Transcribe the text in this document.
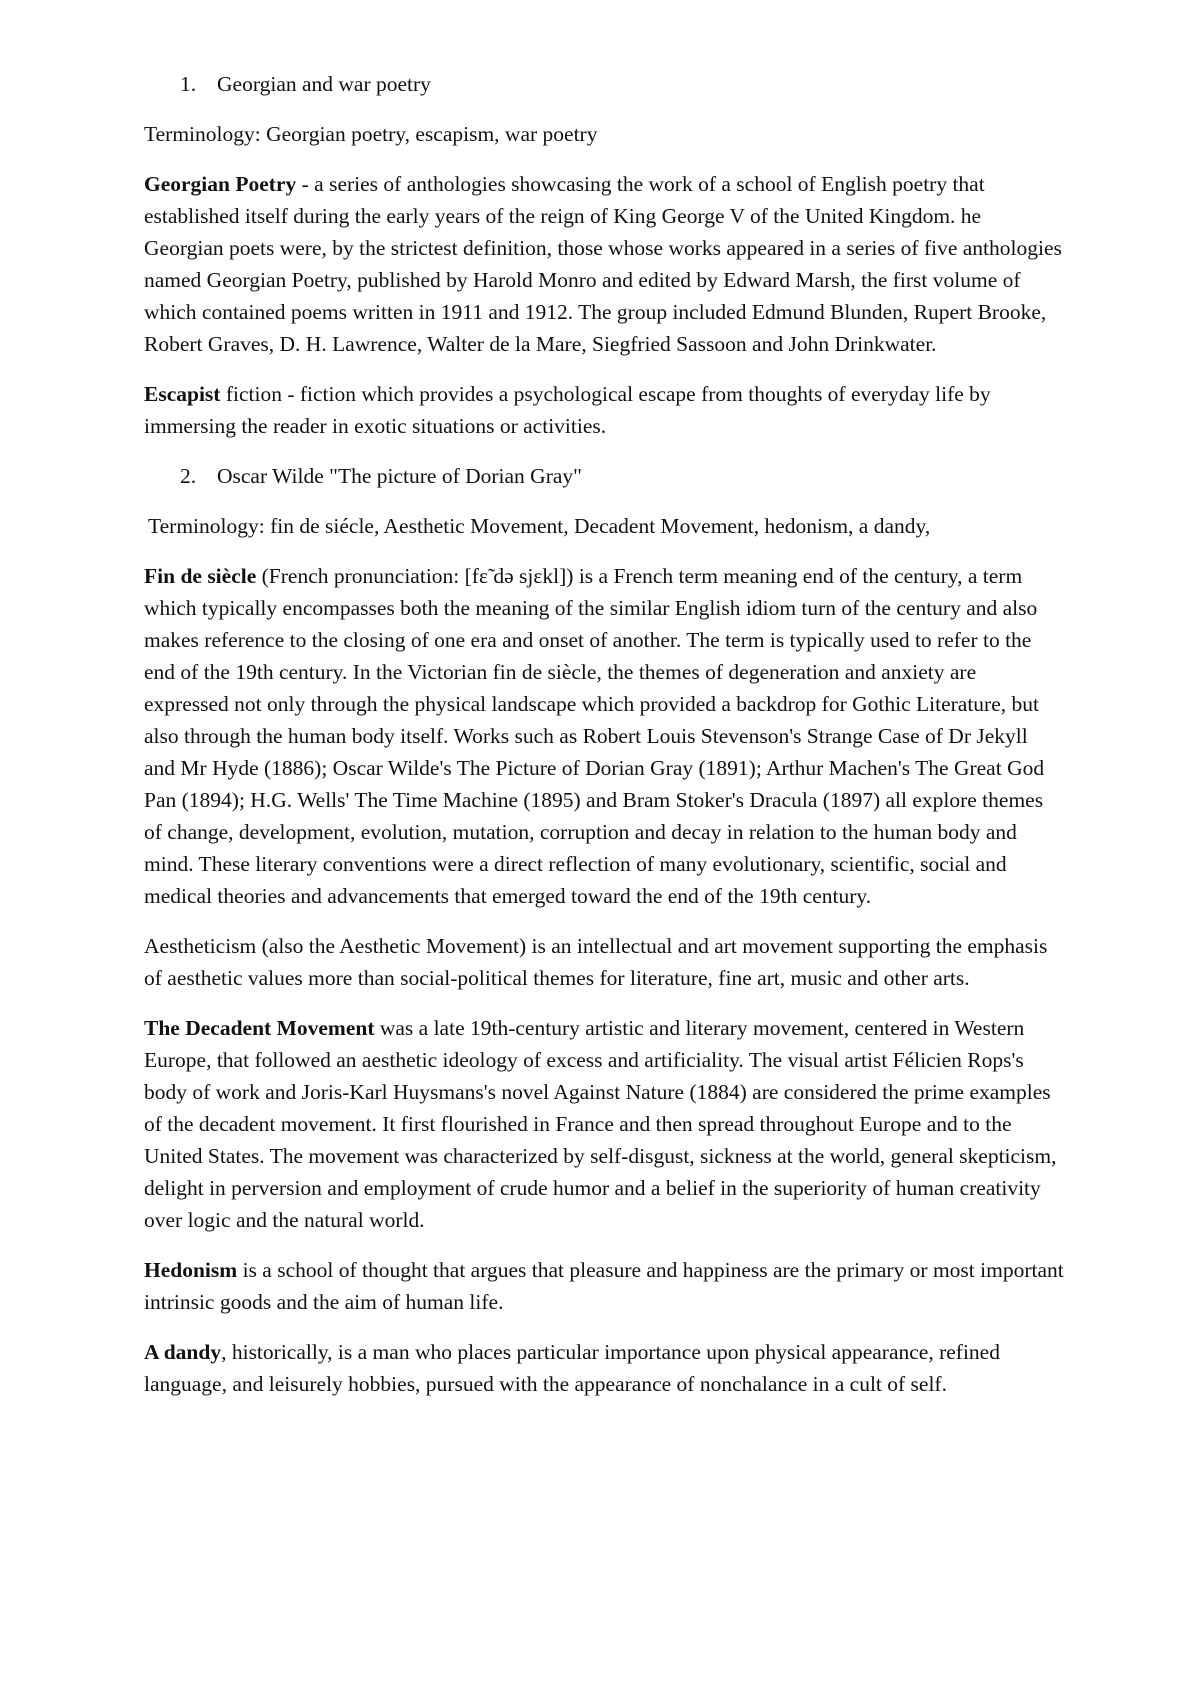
1. Georgian and war poetry

Terminology: Georgian poetry, escapism, war poetry

Georgian Poetry - a series of anthologies showcasing the work of a school of English poetry that established itself during the early years of the reign of King George V of the United Kingdom. he Georgian poets were, by the strictest definition, those whose works appeared in a series of five anthologies named Georgian Poetry, published by Harold Monro and edited by Edward Marsh, the first volume of which contained poems written in 1911 and 1912. The group included Edmund Blunden, Rupert Brooke, Robert Graves, D. H. Lawrence, Walter de la Mare, Siegfried Sassoon and John Drinkwater.

Escapist fiction - fiction which provides a psychological escape from thoughts of everyday life by immersing the reader in exotic situations or activities.

2. Oscar Wilde "The picture of Dorian Gray"

Terminology: fin de siécle, Aesthetic Movement, Decadent Movement, hedonism, a dandy,

Fin de siècle (French pronunciation: [fɛ̃ də sjɛkl]) is a French term meaning end of the century, a term which typically encompasses both the meaning of the similar English idiom turn of the century and also makes reference to the closing of one era and onset of another. The term is typically used to refer to the end of the 19th century. In the Victorian fin de siècle, the themes of degeneration and anxiety are expressed not only through the physical landscape which provided a backdrop for Gothic Literature, but also through the human body itself. Works such as Robert Louis Stevenson's Strange Case of Dr Jekyll and Mr Hyde (1886); Oscar Wilde's The Picture of Dorian Gray (1891); Arthur Machen's The Great God Pan (1894); H.G. Wells' The Time Machine (1895) and Bram Stoker's Dracula (1897) all explore themes of change, development, evolution, mutation, corruption and decay in relation to the human body and mind. These literary conventions were a direct reflection of many evolutionary, scientific, social and medical theories and advancements that emerged toward the end of the 19th century.

Aestheticism (also the Aesthetic Movement) is an intellectual and art movement supporting the emphasis of aesthetic values more than social-political themes for literature, fine art, music and other arts.

The Decadent Movement was a late 19th-century artistic and literary movement, centered in Western Europe, that followed an aesthetic ideology of excess and artificiality. The visual artist Félicien Rops's body of work and Joris-Karl Huysmans's novel Against Nature (1884) are considered the prime examples of the decadent movement. It first flourished in France and then spread throughout Europe and to the United States. The movement was characterized by self-disgust, sickness at the world, general skepticism, delight in perversion and employment of crude humor and a belief in the superiority of human creativity over logic and the natural world.

Hedonism is a school of thought that argues that pleasure and happiness are the primary or most important intrinsic goods and the aim of human life.

A dandy, historically, is a man who places particular importance upon physical appearance, refined language, and leisurely hobbies, pursued with the appearance of nonchalance in a cult of self.
